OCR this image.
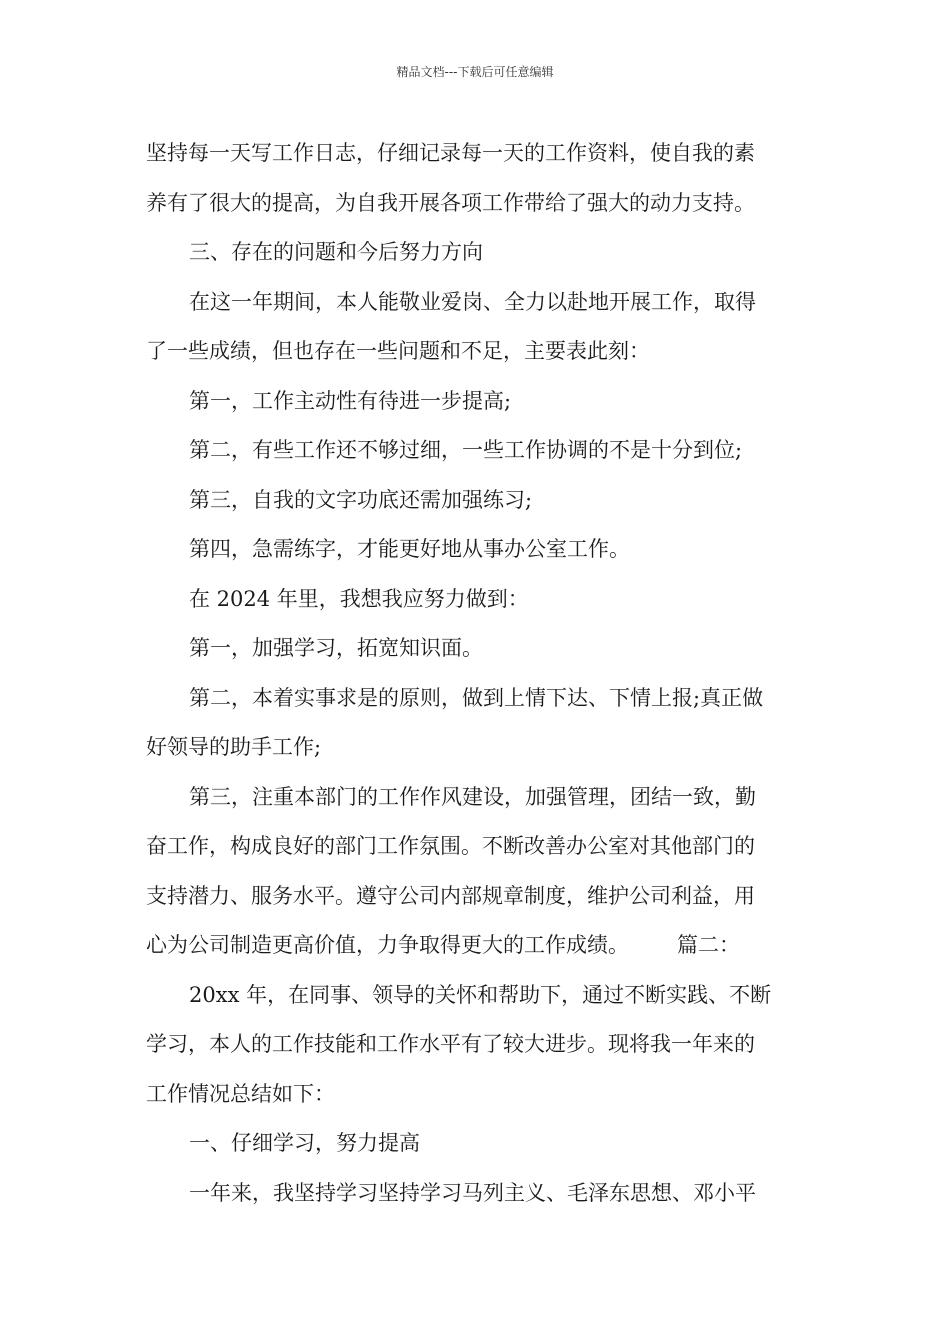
精品文档---下载后可任意编辑
坚持每一天写工作日志，仔细记录每一天的工作资料，使自我的素
养有了很大的提高，为自我开展各项工作带给了强大的动力支持。
三、存在的问题和今后努力方向
在这一年期间，本人能敬业爱岗、全力以赴地开展工作，取得
了一些成绩，但也存在一些问题和不足，主要表此刻：
第一，工作主动性有待进一步提高;
第二，有些工作还不够过细，一些工作协调的不是十分到位;
第三，自我的文字功底还需加强练习;
第四，急需练字，才能更好地从事办公室工作。
在 2024 年里，我想我应努力做到：
第一，加强学习，拓宽知识面。
第二，本着实事求是的原则，做到上情下达、下情上报;真正做
好领导的助手工作;
第三，注重本部门的工作作风建设，加强管理，团结一致，勤
奋工作，构成良好的部门工作氛围。不断改善办公室对其他部门的
支持潜力、服务水平。遵守公司内部规章制度，维护公司利益，用
心为公司制造更高价值，力争取得更大的工作成绩。 篇二：
20xx 年，在同事、领导的关怀和帮助下，通过不断实践、不断
学习，本人的工作技能和工作水平有了较大进步。现将我一年来的
工作情况总结如下：
一、仔细学习，努力提高
一年来，我坚持学习坚持学习马列主义、毛泽东思想、邓小平
